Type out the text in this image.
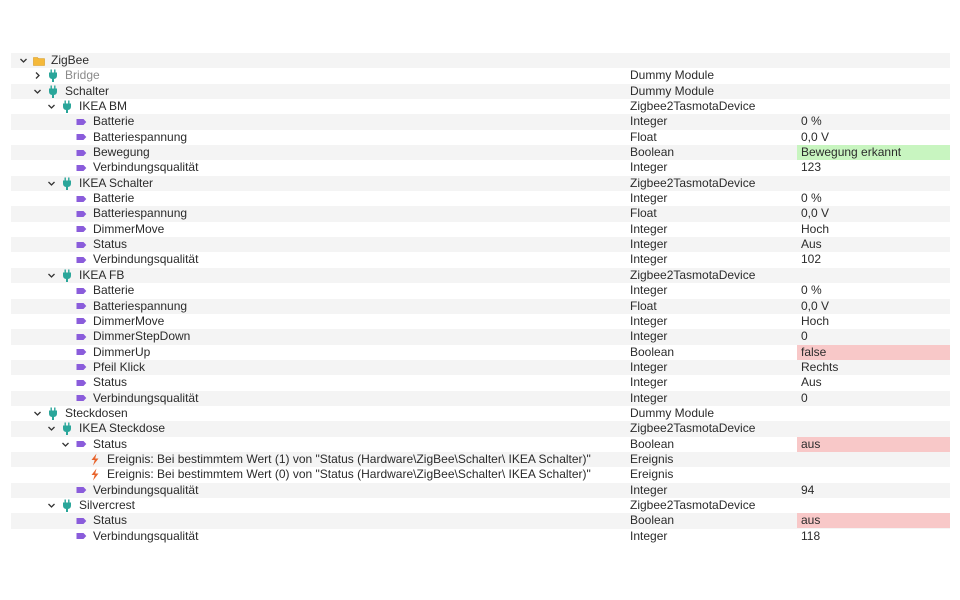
ZigBee
Bridge	Dummy Module
Schalter	Dummy Module
IKEA BM	Zigbee2TasmotaDevice
Batterie	Integer	0 %
Batteriespannung	Float	0,0 V
Bewegung	Boolean	Bewegung erkannt
Verbindungsqualität	Integer	123
IKEA Schalter	Zigbee2TasmotaDevice
Batterie	Integer	0 %
Batteriespannung	Float	0,0 V
DimmerMove	Integer	Hoch
Status	Integer	Aus
Verbindungsqualität	Integer	102
IKEA FB	Zigbee2TasmotaDevice
Batterie	Integer	0 %
Batteriespannung	Float	0,0 V
DimmerMove	Integer	Hoch
DimmerStepDown	Integer	0
DimmerUp	Boolean	false
Pfeil Klick	Integer	Rechts
Status	Integer	Aus
Verbindungsqualität	Integer	0
Steckdosen	Dummy Module
IKEA Steckdose	Zigbee2TasmotaDevice
Status	Boolean	aus
Ereignis: Bei bestimmtem Wert (1) von "Status (Hardware\ZigBee\Schalter\ IKEA Schalter)"	Ereignis
Ereignis: Bei bestimmtem Wert (0) von "Status (Hardware\ZigBee\Schalter\ IKEA Schalter)"	Ereignis
Verbindungsqualität	Integer	94
Silvercrest	Zigbee2TasmotaDevice
Status	Boolean	aus
Verbindungsqualität	Integer	118
